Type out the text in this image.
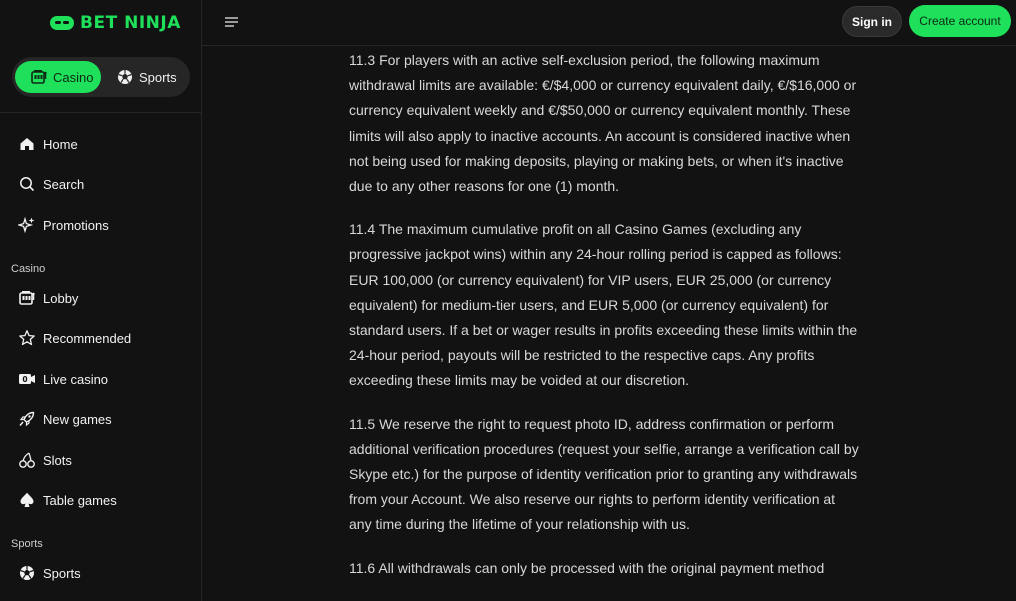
BET NINJA
Casino	Sports
Home
Search
Promotions
Casino
Lobby
Recommended
0 Live casino
New games
Slots
Table games
Sports
Sports
Sign in	Create account

11.3 For players with an active self-exclusion period, the following maximum withdrawal limits are available: €/$4,000 or currency equivalent daily, €/$16,000 or currency equivalent weekly and €/$50,000 or currency equivalent monthly. These limits will also apply to inactive accounts. An account is considered inactive when not being used for making deposits, playing or making bets, or when it's inactive due to any other reasons for one (1) month.

11.4 The maximum cumulative profit on all Casino Games (excluding any progressive jackpot wins) within any 24-hour rolling period is capped as follows: EUR 100,000 (or currency equivalent) for VIP users, EUR 25,000 (or currency equivalent) for medium-tier users, and EUR 5,000 (or currency equivalent) for standard users. If a bet or wager results in profits exceeding these limits within the 24-hour period, payouts will be restricted to the respective caps. Any profits exceeding these limits may be voided at our discretion.

11.5 We reserve the right to request photo ID, address confirmation or perform additional verification procedures (request your selfie, arrange a verification call by Skype etc.) for the purpose of identity verification prior to granting any withdrawals from your Account. We also reserve our rights to perform identity verification at any time during the lifetime of your relationship with us.

11.6 All withdrawals can only be processed with the original payment method
